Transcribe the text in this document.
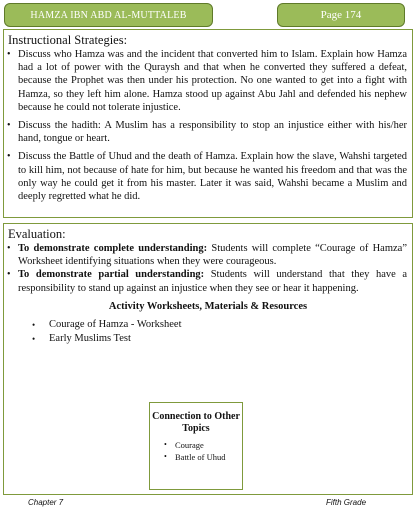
HAMZA IBN ABD AL-MUTTALEB	Page 174
Instructional Strategies:
• Discuss who Hamza was and the incident that converted him to Islam. Explain how Hamza had a lot of power with the Quraysh and that when he converted they suffered a defeat, because the Prophet was then under his protection. No one wanted to get into a fight with Hamza, so they left him alone. Hamza stood up against Abu Jahl and defended his nephew because he could not tolerate injustice.
• Discuss the hadith: A Muslim has a responsibility to stop an injustice either with his/her hand, tongue or heart.
• Discuss the Battle of Uhud and the death of Hamza. Explain how the slave, Wahshi targeted to kill him, not because of hate for him, but because he wanted his freedom and that was the only way he could get it from his master. Later it was said, Wahshi became a Muslim and deeply regretted what he did.
Evaluation:
• To demonstrate complete understanding: Students will complete “Courage of Hamza” Worksheet identifying situations when they were courageous.
• To demonstrate partial understanding: Students will understand that they have a responsibility to stand up against an injustice when they see or hear it happening.
Activity Worksheets, Materials & Resources
• Courage of Hamza - Worksheet
• Early Muslims Test
Connection to Other Topics
• Courage
• Battle of Uhud
Chapter 7	Fifth Grade
